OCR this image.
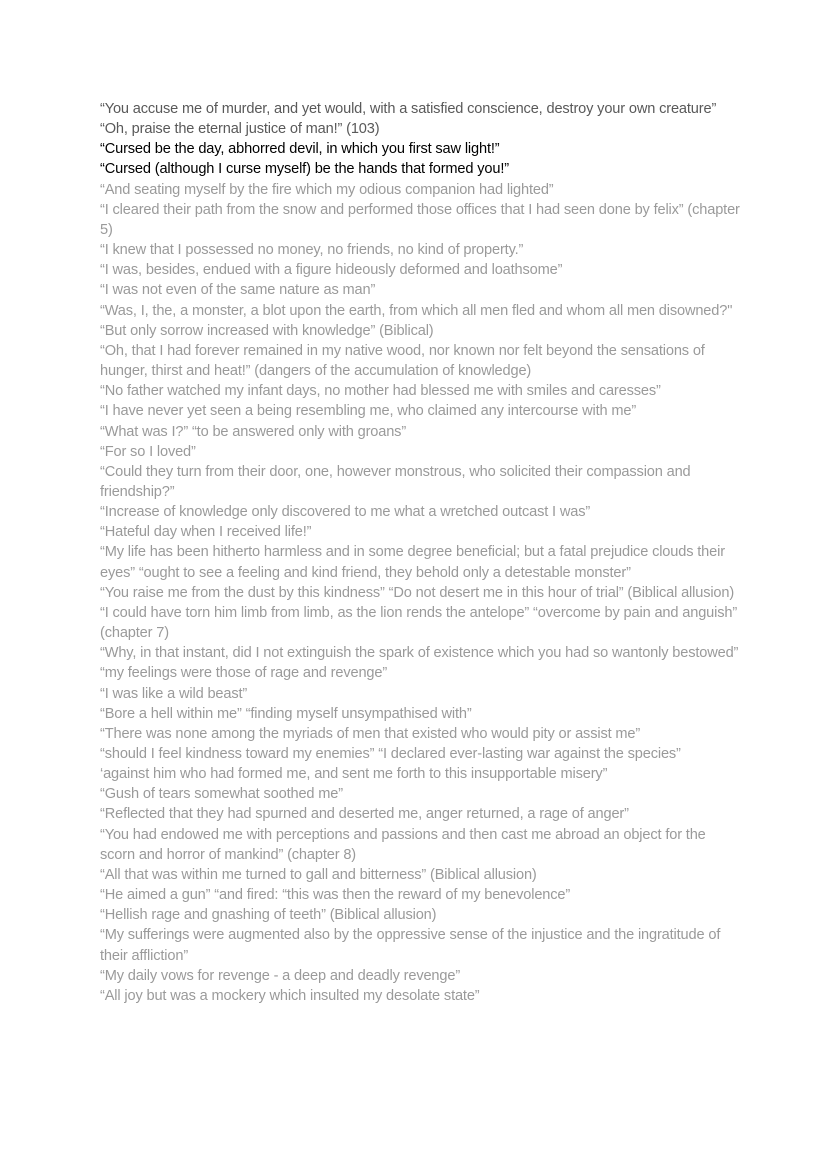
“You accuse me of murder, and yet would, with a satisfied conscience, destroy your own creature” “Oh, praise the eternal justice of man!” (103)

“Cursed be the day, abhorred devil, in which you first saw light!”

“Cursed (although I curse myself) be the hands that formed you!”

“And seating myself by the fire which my odious companion had lighted”

“I cleared their path from the snow and performed those offices that I had seen done by felix” (chapter 5)

“I knew that I possessed no money, no friends, no kind of property.”

“I was, besides, endued with a figure hideously deformed and loathsome”

“I was not even of the same nature as man”

“Was, I, the, a monster, a blot upon the earth, from which all men fled and whom all men disowned?"

“But only sorrow increased with knowledge” (Biblical)

“Oh, that I had forever remained in my native wood, nor known nor felt beyond the sensations of hunger, thirst and heat!” (dangers of the accumulation of knowledge)

“No father watched my infant days, no mother had blessed me with smiles and caresses”

“I have never yet seen a being resembling me, who claimed any intercourse with me”

“What was I?” “to be answered only with groans”

“For so I loved”

“Could they turn from their door, one, however monstrous, who solicited their compassion and friendship?”

“Increase of knowledge only discovered to me what a wretched outcast I was”

“Hateful day when I received life!”

“My life has been hitherto harmless and in some degree beneficial; but a fatal prejudice clouds their eyes” “ought to see a feeling and kind friend, they behold only a detestable monster”

“You raise me from the dust by this kindness” “Do not desert me in this hour of trial” (Biblical allusion)

“I could have torn him limb from limb, as the lion rends the antelope” “overcome by pain and anguish” (chapter 7)

“Why, in that instant, did I not extinguish the spark of existence which you had so wantonly bestowed” “my feelings were those of rage and revenge”

“I was like a wild beast”

“Bore a hell within me” “finding myself unsympathised with”

“There was none among the myriads of men that existed who would pity or assist me”

“should I feel kindness toward my enemies” “I declared ever-lasting war against the species”

‘against him who had formed me, and sent me forth to this insupportable misery”

“Gush of tears somewhat soothed me”

“Reflected that they had spurned and deserted me, anger returned, a rage of anger”

“You had endowed me with perceptions and passions and then cast me abroad an object for the scorn and horror of mankind” (chapter 8)

“All that was within me turned to gall and bitterness” (Biblical allusion)

“He aimed a gun” “and fired: “this was then the reward of my benevolence”

“Hellish rage and gnashing of teeth” (Biblical allusion)

“My sufferings were augmented also by the oppressive sense of the injustice and the ingratitude of their affliction”

“My daily vows for revenge - a deep and deadly revenge”

“All joy but was a mockery which insulted my desolate state”
